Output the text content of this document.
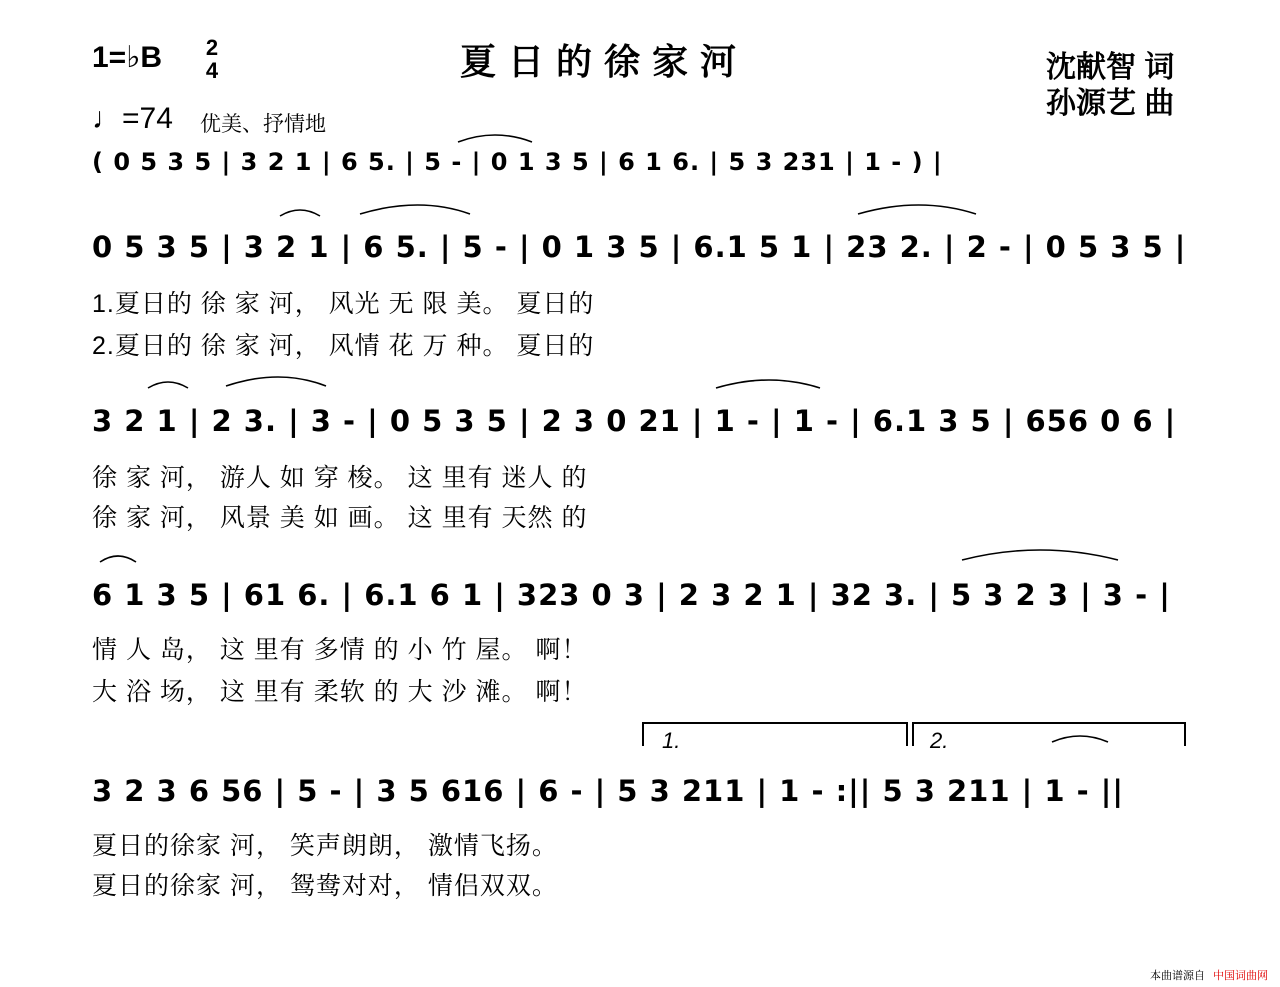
1=♭B 2
4	夏日的徐家河	沈献智 词
孙源艺 曲
♩=74 优美、抒情地
( 0 5 3 5 | 3 2 1 | 6 5. | 5 - | 0 1 3 5 | 6 1 6. | 5 3 231 | 1 - ) |
0 5 3 5 | 3 2 1 | 6 5. | 5 - | 0 1 3 5 | 6.1 5 1 | 23 2. | 2 - | 0 5 3 5 |
1.夏日的 徐 家 河， 风光 无 限 美。 夏日的
2.夏日的 徐 家 河， 风情 花 万 种。 夏日的
3 2 1 | 2 3. | 3 - | 0 5 3 5 | 2 3 0 21 | 1 - | 1 - | 6.1 3 5 | 656 0 6 |
徐 家 河， 游人 如 穿 梭。 这 里有 迷人 的
徐 家 河， 风景 美 如 画。 这 里有 天然 的
6 1 3 5 | 61 6. | 6.1 6 1 | 323 0 3 | 2 3 2 1 | 32 3. | 5 3 2 3 | 3 - |
情 人 岛， 这 里有 多情 的 小 竹 屋。 啊！
大 浴 场， 这 里有 柔软 的 大 沙 滩。 啊！
1.	2.
3 2 3 6 56 | 5 - | 3 5 616 | 6 - | 5 3 211 | 1 - :|| 5 3 211 | 1 - ||
夏日的徐家 河， 笑声朗朗， 激情飞扬。
夏日的徐家 河， 鸳鸯对对， 情侣双双。
本曲谱源自 中国词曲网
